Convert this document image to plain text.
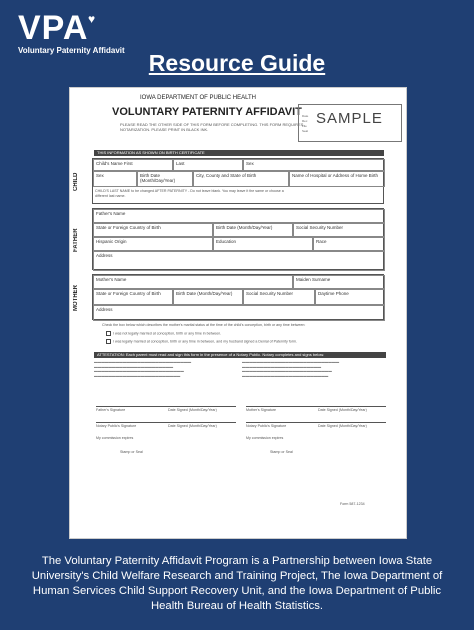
VPA ♥
Voluntary Paternity Affidavit	Resource Guide
IOWA DEPARTMENT OF PUBLIC HEALTH
VOLUNTARY PATERNITY AFFIDAVIT
PLEASE READ THE OTHER SIDE OF THIS FORM BEFORE COMPLETING. THIS FORM REQUIRES NOTARIZATION. PLEASE PRINT IN BLACK INK.
Date
Rec
File
Seal
SAMPLE
THIS INFORMATION AS SHOWN ON BIRTH CERTIFICATE
CHILD
Child's Name First	Last	Sex
Sex	Birth Date (Month/Day/Year)
City, County and State of Birth	Name of Hospital or Address of Home Birth
CHILD'S LAST NAME to be changed AFTER PATERNITY - Do not leave blank. You may leave it the same or choose a different last name.
FATHER
Father's Name
State or Foreign Country of Birth	Birth Date (Month/Day/Year)	Social Security Number
Hispanic Origin	Education	Race
Address
MOTHER
Mother's Name	Maiden Surname
State or Foreign Country of Birth	Birth Date (Month/Day/Year)	Social Security Number	Daytime Phone
Address
Check the box below which describes the mother's marital status at the time of the child's conception, birth or any time between:
I was not legally married at conception, birth or any time in between.
I was legally married at conception, birth or any time in between, and my husband signed a Denial of Paternity form.
ATTESTATION: Each parent must read and sign this form in the presence of a Notary Public. Notary completes and signs below.
▬▬▬▬▬▬▬▬▬▬▬▬▬▬▬▬▬▬▬▬▬▬▬▬▬▬▬ ▬▬▬▬▬▬▬▬▬▬▬▬▬▬▬▬▬▬▬▬▬▬ ▬▬▬▬▬▬▬▬▬▬▬▬▬▬▬▬▬▬▬▬▬▬▬▬▬ ▬▬▬▬▬▬▬▬▬▬▬▬▬▬▬▬▬▬▬▬▬▬▬▬
▬▬▬▬▬▬▬▬▬▬▬▬▬▬▬▬▬▬▬▬▬▬▬▬▬▬▬ ▬▬▬▬▬▬▬▬▬▬▬▬▬▬▬▬▬▬▬▬▬▬ ▬▬▬▬▬▬▬▬▬▬▬▬▬▬▬▬▬▬▬▬▬▬▬▬▬ ▬▬▬▬▬▬▬▬▬▬▬▬▬▬▬▬▬▬▬▬▬▬▬▬
Father's Signature	Date Signed (Month/Day/Year)	Mother's Signature	Date Signed (Month/Day/Year)
Notary Public's Signature	Date Signed (Month/Day/Year)	Notary Public's Signature	Date Signed (Month/Day/Year)
My commission expires	My commission expires
Stamp or Seal	Stamp or Seal
Form 587-1234
The Voluntary Paternity Affidavit Program is a Partnership between Iowa State University's Child Welfare Research and Training Project, The Iowa Department of Human Services Child Support Recovery Unit, and the Iowa Department of Public Health Bureau of Health Statistics.
